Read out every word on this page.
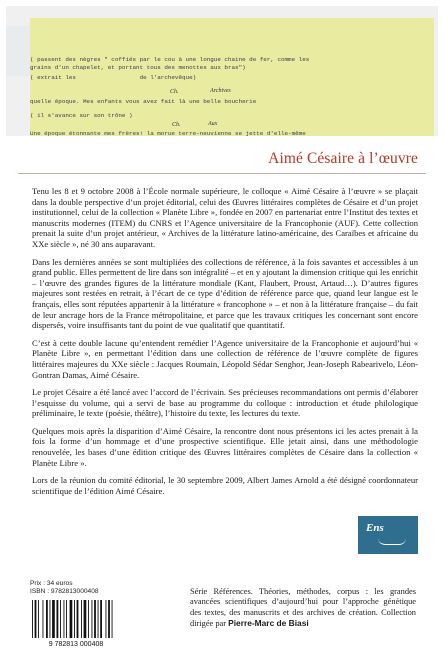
( passent des nègres " coffiés par le cou à une longue chaine de fer, comme les
grains d'un chapelet, et portant tous des menottes aux bras")
( extrait les                  de l'archevêque)
Ch.	Archives
quelle époque. Mes enfants vous avez fait là une belle boucherie
( il s'avance sur son trône )
Ch.	Aux
Une époque étonnante mes frères! la morue terre-neuvienne se jette d'elle-même
Aimé Césaire à l’œuvre

Tenu les 8 et 9 octobre 2008 à l’École normale supérieure, le colloque « Aimé Césaire à l’œuvre » se plaçait dans la double perspective d’un projet éditorial, celui des Œuvres littéraires complètes de Césaire et d’un projet institutionnel, celui de la collection « Planète Libre », fondée en 2007 en partenariat entre l’Institut des textes et manuscrits modernes (ITEM) du CNRS et l’Agence universitaire de la Francophonie (AUF). Cette collection prenait la suite d’un projet antérieur, « Archives de la littérature latino-américaine, des Caraïbes et africaine du XXe siècle », né 30 ans auparavant.

Dans les dernières années se sont multipliées des collections de référence, à la fois savantes et accessibles à un grand public. Elles permettent de lire dans son intégralité – et en y ajoutant la dimension critique qui les enrichit – l’œuvre des grandes figures de la littérature mondiale (Kant, Flaubert, Proust, Artaud…). D’autres figures majeures sont restées en retrait, à l’écart de ce type d’édition de référence parce que, quand leur langue est le français, elles sont réputées appartenir à la littérature « francophone » – et non à la littérature française – du fait de leur ancrage hors de la France métropolitaine, et parce que les travaux critiques les concernant sont encore dispersés, voire insuffisants tant du point de vue qualitatif que quantitatif.

C’est à cette double lacune qu’entendent remédier l’Agence universitaire de la Francophonie et aujourd’hui « Planète Libre », en permettant l’édition dans une collection de référence de l’œuvre complète de figures littéraires majeures du XXe siècle : Jacques Roumain, Léopold Sédar Senghor, Jean-Joseph Rabearivelo, Léon-Gontran Damas, Aimé Césaire.

Le projet Césaire a été lancé avec l’accord de l’écrivain. Ses précieuses recommandations ont permis d’élaborer l’esquisse du volume, qui a servi de base au programme du colloque : introduction et étude philologique préliminaire, le texte (poésie, théâtre), l’histoire du texte, les lectures du texte.

Quelques mois après la disparition d’Aimé Césaire, la rencontre dont nous présentons ici les actes prenait à la fois la forme d’un hommage et d’une prospective scientifique. Elle jetait ainsi, dans une méthodologie renouvelée, les bases d’une édition critique des Œuvres littéraires complètes de Césaire dans la collection « Planète Libre ».

Lors de la réunion du comité éditorial, le 30 septembre 2009, Albert James Arnold a été désigné coordonnateur scientifique de l’édition Aimé Césaire.

Ens
Prix : 34 euros
ISBN : 9782813000408
9 782813 000408
Série Références. Théories, méthodes, corpus : les grandes avancées scientifiques d’aujourd’hui pour l’approche génétique des textes, des manuscrits et des archives de création. Collection dirigée par Pierre-Marc de Biasi
